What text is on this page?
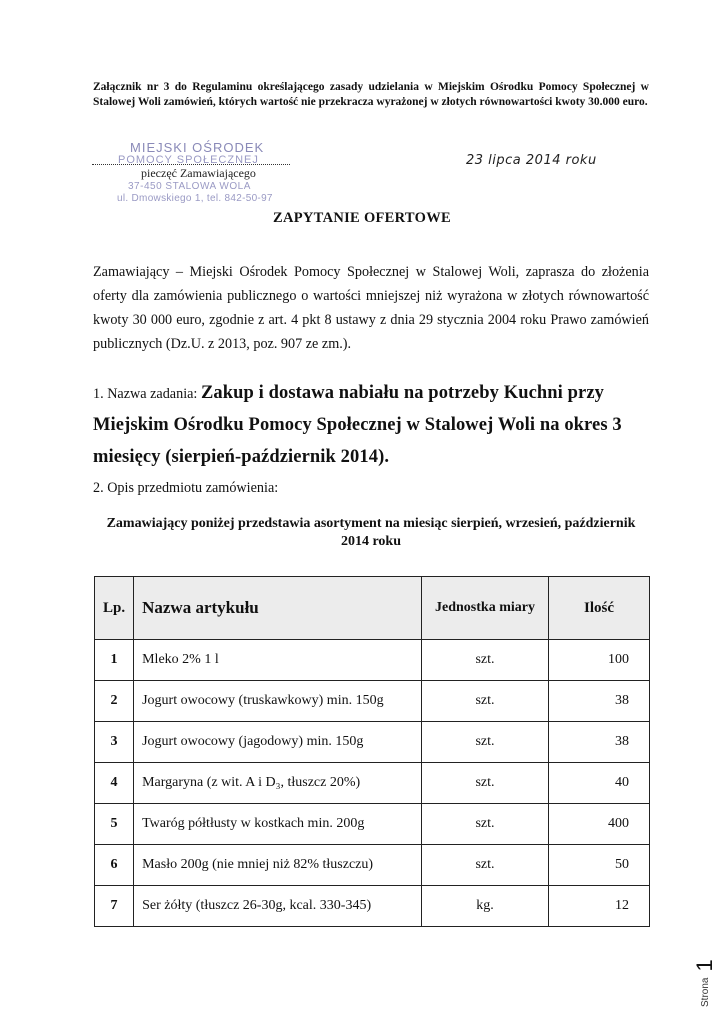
Załącznik nr 3 do Regulaminu określającego zasady udzielania w Miejskim Ośrodku Pomocy Społecznej w Stalowej Woli zamówień, których wartość nie przekracza wyrażonej w złotych równowartości kwoty 30.000 euro.
MIEJSKI OŚRODEK
POMOCY SPOŁECZNEJ
pieczęć Zamawiającego
37-450 STALOWA WOLA
ul. Dmowskiego 1, tel. 842-50-97
23 lipca 2014 roku
ZAPYTANIE OFERTOWE
Zamawiający – Miejski Ośrodek Pomocy Społecznej w Stalowej Woli, zaprasza do złożenia oferty dla zamówienia publicznego o wartości mniejszej niż wyrażona w złotych równowartość kwoty 30 000 euro, zgodnie z art. 4 pkt 8 ustawy z dnia 29 stycznia 2004 roku Prawo zamówień publicznych (Dz.U. z 2013, poz. 907 ze zm.).
1. Nazwa zadania: Zakup i dostawa nabiału na potrzeby Kuchni przy Miejskim Ośrodku Pomocy Społecznej w Stalowej Woli na okres 3 miesięcy (sierpień-październik 2014).
2. Opis przedmiotu zamówienia:
Zamawiający poniżej przedstawia asortyment na miesiąc sierpień, wrzesień, październik 2014 roku
Lp.	Nazwa artykułu	Jednostka miary	Ilość
1	Mleko 2% 1 l	szt.	100
2	Jogurt owocowy (truskawkowy) min. 150g	szt.	38
3	Jogurt owocowy (jagodowy) min. 150g	szt.	38
4	Margaryna (z wit. A i D₃, tłuszcz 20%)	szt.	40
5	Twaróg półtłusty w kostkach min. 200g	szt.	400
6	Masło 200g (nie mniej niż 82% tłuszczu)	szt.	50
7	Ser żółty (tłuszcz 26-30g, kcal. 330-345)	kg.	12
Strona
1
